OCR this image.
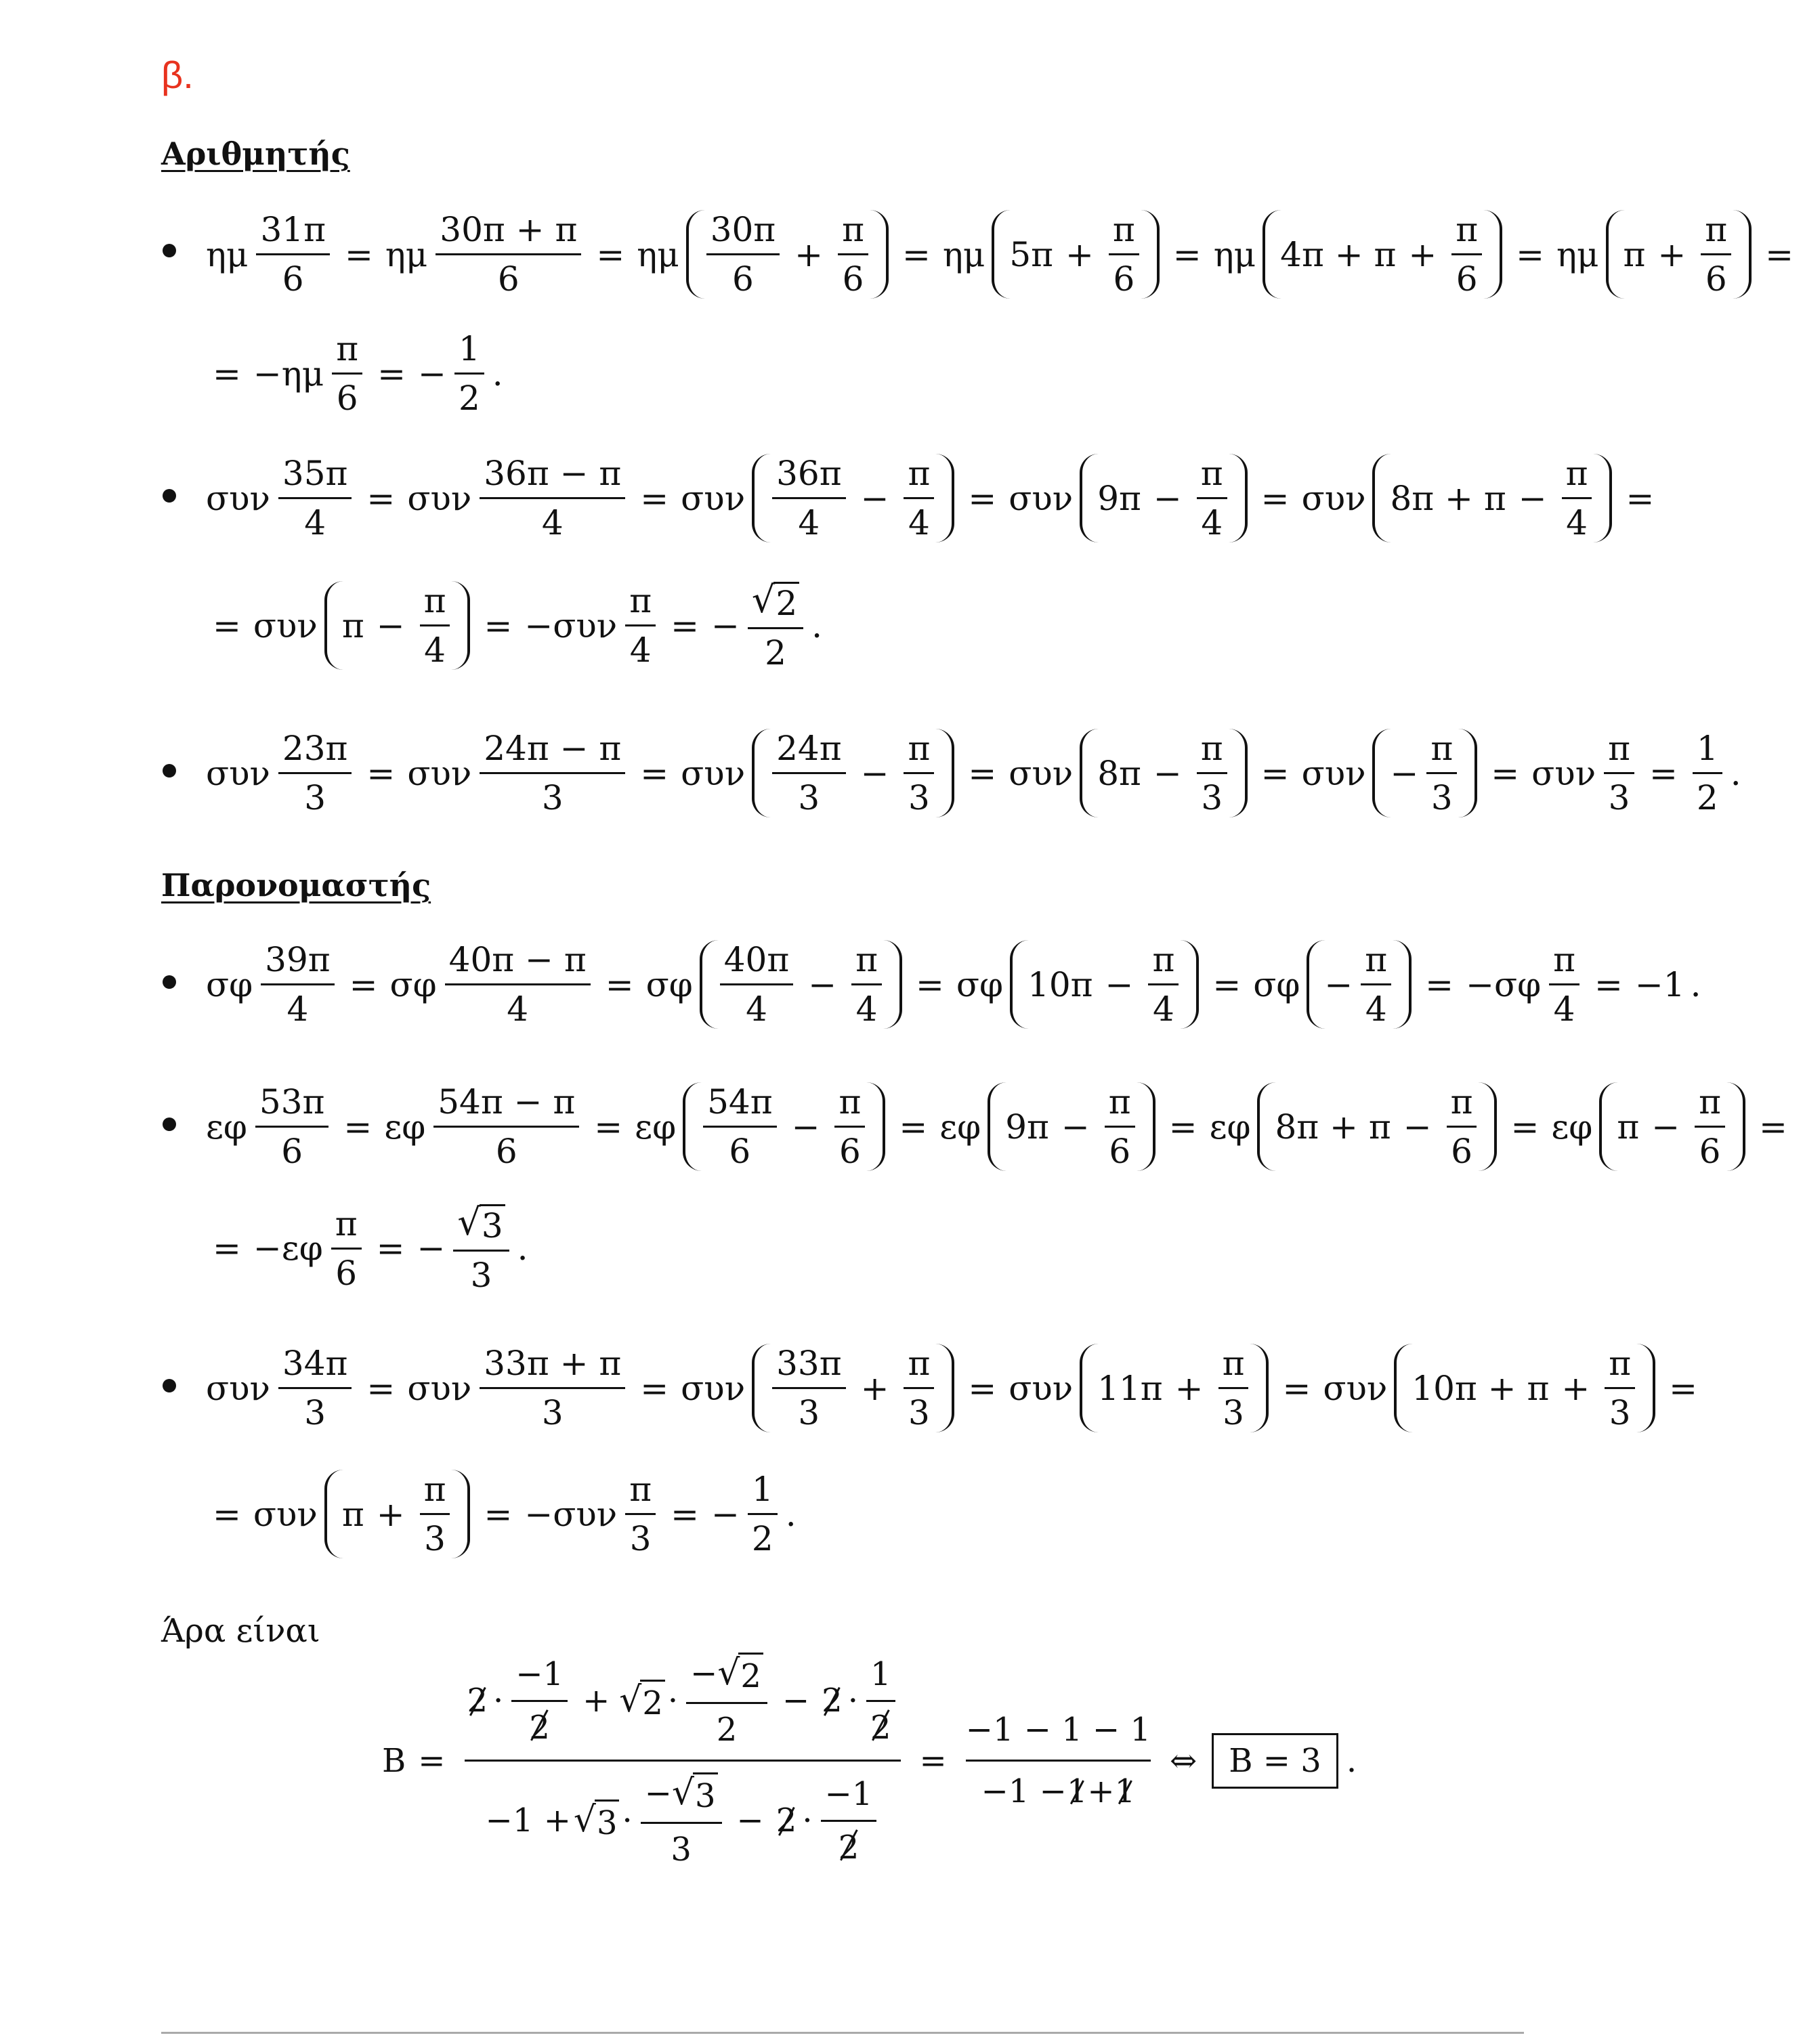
β.
Αριθμητής
ημ $\frac{31\pi}{6} = \eta\mu \frac{30\pi + \pi}{6} = \eta\mu \frac{30\pi}{6} + \frac{\pi}{6} = \eta\mu$ $5\pi + \frac{\pi}{6} = \eta\mu$ $4\pi + \pi + \frac{\pi}{6} = \eta\mu$ $\pi + \frac{\pi}{6}$ =
= $-\eta\mu \frac{\pi}{6}$ = − $\frac{1}{2}$ .
συν $\frac{35\pi}{4} = \sigma\upsilon\nu \frac{36\pi - \pi}{4} = \sigma\upsilon\nu \frac{36\pi}{4} - \frac{\pi}{4} = \sigma\upsilon\nu$ $9\pi - \frac{\pi}{4} = \sigma\upsilon\nu$ $8\pi + \pi - \frac{\pi}{4}$ =
= συν $\pi - \frac{\pi}{4} = -\sigma\upsilon\nu \frac{\pi}{4}$ = − $\frac{√ 2}{2}$ .
συν $\frac{23\pi}{3} = \sigma\upsilon\nu \frac{24\pi - \pi}{3} = \sigma\upsilon\nu \frac{24\pi}{3} - \frac{\pi}{3} = \sigma\upsilon\nu$ $8\pi - \frac{\pi}{3} = \sigma\upsilon\nu - \frac{\pi}{3} = \sigma\upsilon\nu \frac{\pi}{3} = \frac{1}{2}$ .
Παρονομαστής
σφ $\frac{39\pi}{4} = \sigma\varphi \frac{40\pi - \pi}{4} = \sigma\varphi \frac{40\pi}{4} - \frac{\pi}{4} = \sigma\varphi$ $10\pi - \frac{\pi}{4} = \sigma\varphi - \frac{\pi}{4} = -\sigma\varphi \frac{\pi}{4} = -1$ .
εφ $\frac{53\pi}{6} = \varepsilon\varphi \frac{54\pi - \pi}{6} = \varepsilon\varphi \frac{54\pi}{6} - \frac{\pi}{6} = \varepsilon\varphi$ $9\pi - \frac{\pi}{6} = \varepsilon\varphi$ $8\pi + \pi - \frac{\pi}{6} = \varepsilon\varphi$ $\pi - \frac{\pi}{6}$ =
= $-\varepsilon\varphi \frac{\pi}{6}$ = − $\frac{√ 3}{3}$ .
συν $\frac{34\pi}{3} = \sigma\upsilon\nu \frac{33\pi + \pi}{3} = \sigma\upsilon\nu \frac{33\pi}{3} + \frac{\pi}{3} = \sigma\upsilon\nu$ $11\pi + \frac{\pi}{3} = \sigma\upsilon\nu$ $10\pi + \pi + \frac{\pi}{3}$ =
= συν $\pi + \frac{\pi}{3} = -\sigma\upsilon\nu \frac{\pi}{3}$ = − $\frac{1}{2}$ .
Άρα είναι
B =
$2 \cdot \frac{-1}{2}$ + √ $2 \cdot \frac{- √ 2}{2} - 2 \cdot \frac{1}{2}$
−1 + √ $3 \cdot \frac{- √ 3}{3} - 2 \cdot \frac{-1}{2}$
= $\frac{-1 - 1 - 1}{-1 - 1 + 1}$ ⇔ B = 3 .
